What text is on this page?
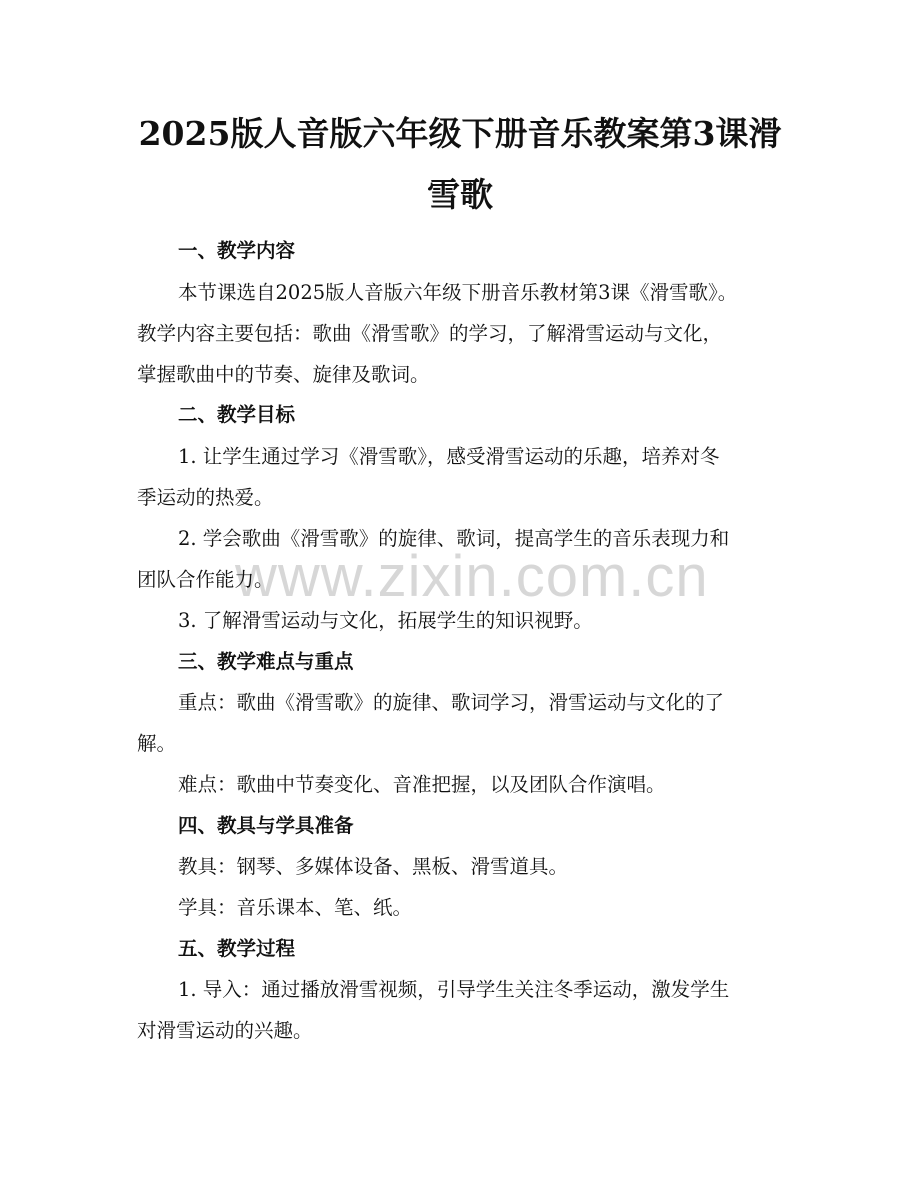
www.zixin.com.cn
2025版人音版六年级下册音乐教案第3课滑
雪歌

一、教学内容

本节课选自2025版人音版六年级下册音乐教材第3课《滑雪歌》。

教学内容主要包括：歌曲《滑雪歌》的学习，了解滑雪运动与文化，

掌握歌曲中的节奏、旋律及歌词。

二、教学目标

1. 让学生通过学习《滑雪歌》，感受滑雪运动的乐趣，培养对冬

季运动的热爱。

2. 学会歌曲《滑雪歌》的旋律、歌词，提高学生的音乐表现力和

团队合作能力。

3. 了解滑雪运动与文化，拓展学生的知识视野。

三、教学难点与重点

重点：歌曲《滑雪歌》的旋律、歌词学习，滑雪运动与文化的了

解。

难点：歌曲中节奏变化、音准把握，以及团队合作演唱。

四、教具与学具准备

教具：钢琴、多媒体设备、黑板、滑雪道具。

学具：音乐课本、笔、纸。

五、教学过程

1. 导入：通过播放滑雪视频，引导学生关注冬季运动，激发学生

对滑雪运动的兴趣。
